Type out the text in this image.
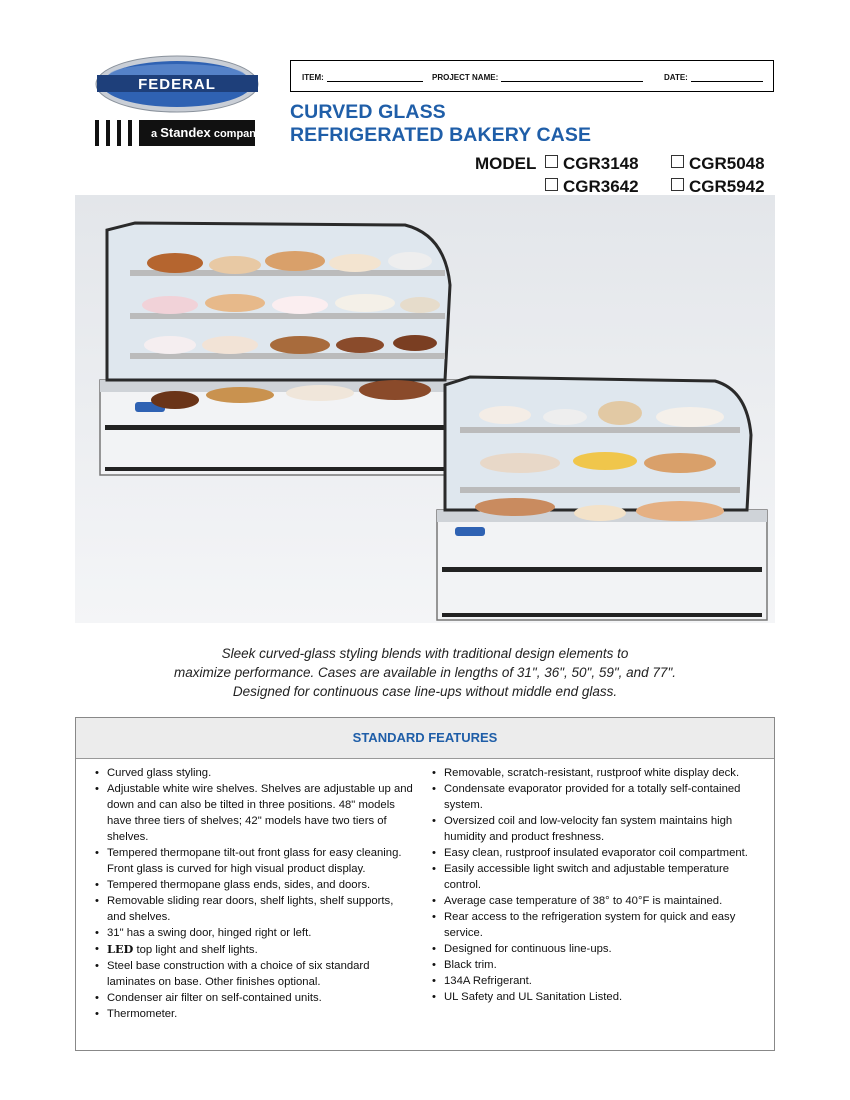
FEDERAL
a Standex company
ITEM:	PROJECT NAME:	DATE:
CURVED GLASS
REFRIGERATED BAKERY CASE
MODEL	CGR3148
CGR3642
CGR3648
CGR5042
CGR5048
CGR5942
CGR5948
CGR7742
CGR7748
Sleek curved-glass styling blends with traditional design elements to
maximize performance. Cases are available in lengths of 31", 36", 50", 59", and 77".
Designed for continuous case line-ups without middle end glass.
STANDARD FEATURES
• Curved glass styling.
• Adjustable white wire shelves. Shelves are adjustable up and down and can also be tilted in three positions. 48" models have three tiers of shelves; 42" models have two tiers of shelves.
• Tempered thermopane tilt-out front glass for easy cleaning. Front glass is curved for high visual product display.
• Tempered thermopane glass ends, sides, and doors.
• Removable sliding rear doors, shelf lights, shelf supports, and shelves.
• 31" has a swing door, hinged right or left.
• LED top light and shelf lights.
• Steel base construction with a choice of six standard laminates on base. Other finishes optional.
• Condenser air filter on self-contained units.
• Thermometer.
• Removable, scratch-resistant, rustproof white display deck.
• Condensate evaporator provided for a totally self-contained system.
• Oversized coil and low-velocity fan system maintains high humidity and product freshness.
• Easy clean, rustproof insulated evaporator coil compartment.
• Easily accessible light switch and adjustable temperature control.
• Average case temperature of 38° to 40°F is maintained.
• Rear access to the refrigeration system for quick and easy service.
• Designed for continuous line-ups.
• Black trim.
• 134A Refrigerant.
• UL Safety and UL Sanitation Listed.
